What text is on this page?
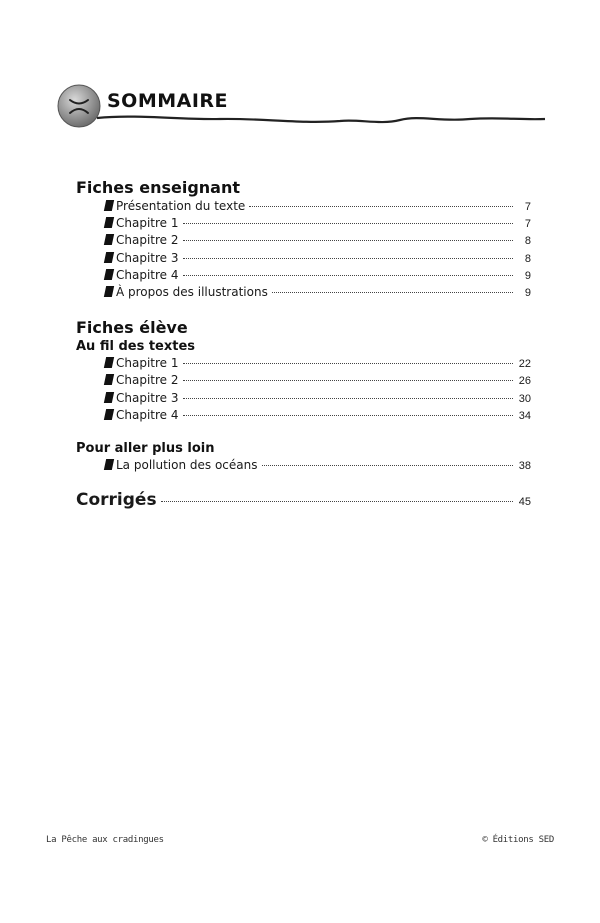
SOMMAIRE
Fiches enseignant
Présentation du texte	7
Chapitre 1	7
Chapitre 2	8
Chapitre 3	8
Chapitre 4	9
À propos des illustrations	9
Fiches élève
Au fil des textes
Chapitre 1	22
Chapitre 2	26
Chapitre 3	30
Chapitre 4	34
Pour aller plus loin
La pollution des océans	38
Corrigés	45
La Pêche aux cradingues	© Éditions SED
